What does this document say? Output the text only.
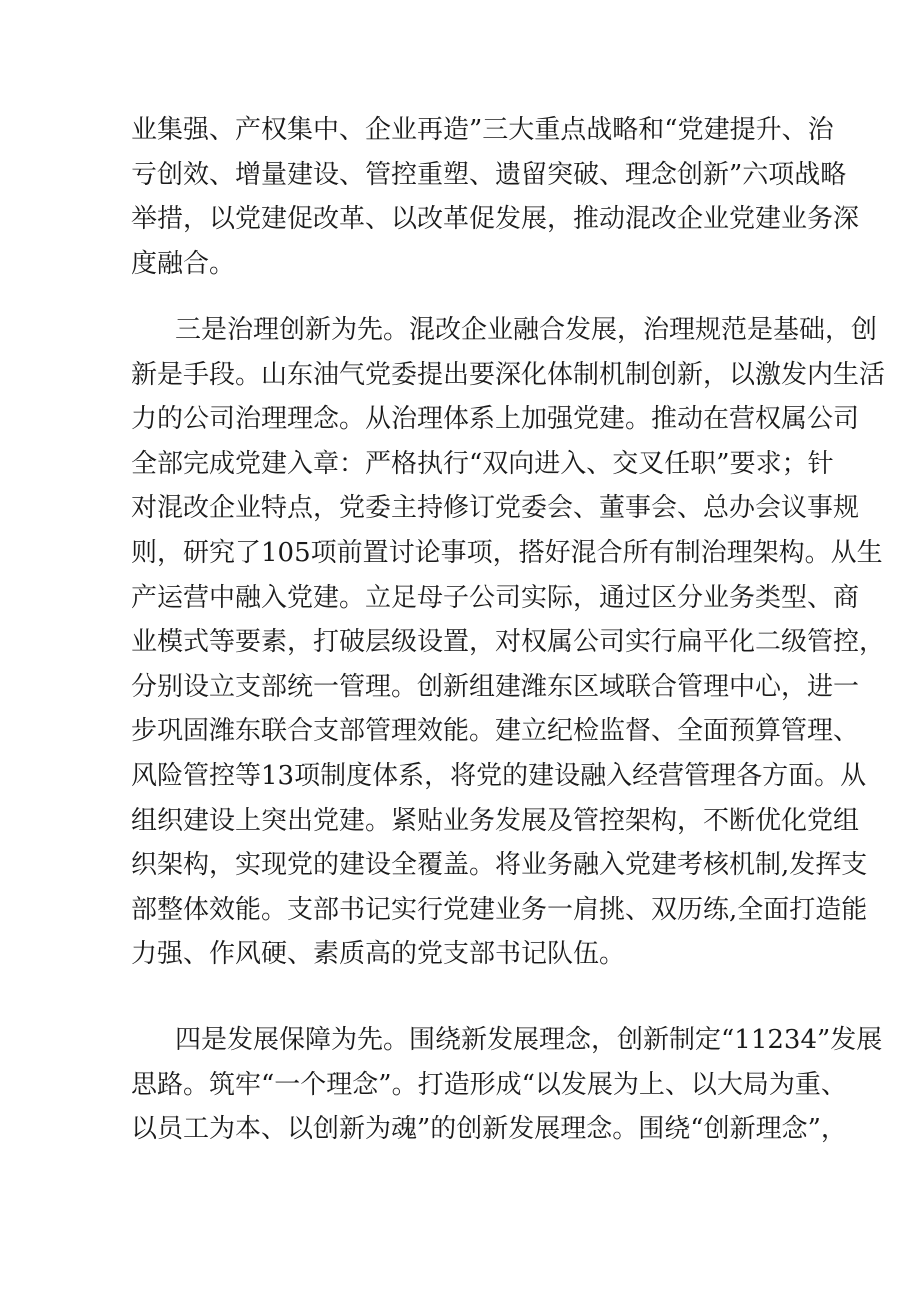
业集强、产权集中、企业再造”三大重点战略和“党建提升、治
亏创效、增量建设、管控重塑、遗留突破、理念创新”六项战略
举措，以党建促改革、以改革促发展，推动混改企业党建业务深
度融合。
三是治理创新为先。混改企业融合发展，治理规范是基础，创
新是手段。山东油气党委提出要深化体制机制创新，以激发内生活
力的公司治理理念。从治理体系上加强党建。推动在营权属公司
全部完成党建入章：严格执行“双向进入、交叉任职”要求；针
对混改企业特点，党委主持修订党委会、董事会、总办会议事规
则，研究了105项前置讨论事项，搭好混合所有制治理架构。从生
产运营中融入党建。立足母子公司实际，通过区分业务类型、商
业模式等要素，打破层级设置，对权属公司实行扁平化二级管控，
分别设立支部统一管理。创新组建潍东区域联合管理中心，进一
步巩固潍东联合支部管理效能。建立纪检监督、全面预算管理、
风险管控等13项制度体系，将党的建设融入经营管理各方面。从
组织建设上突出党建。紧贴业务发展及管控架构，不断优化党组
织架构，实现党的建设全覆盖。将业务融入党建考核机制,发挥支
部整体效能。支部书记实行党建业务一肩挑、双历练,全面打造能
力强、作风硬、素质高的党支部书记队伍。
四是发展保障为先。围绕新发展理念，创新制定“11234”发展
思路。筑牢“一个理念”。打造形成“以发展为上、以大局为重、
以员工为本、以创新为魂”的创新发展理念。围绕“创新理念”，
